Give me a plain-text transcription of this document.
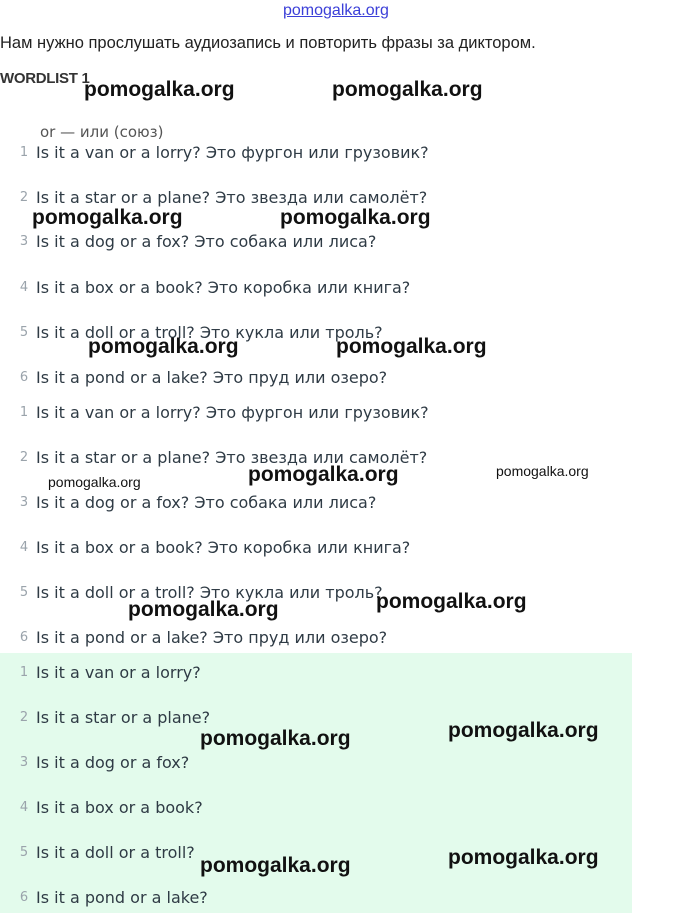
pomogalka.org
Нам нужно прослушать аудиозапись и повторить фразы за диктором.
WORDLIST 1
or — или (союз)
1 Is it a van or a lorry? Это фургон или грузовик?
2 Is it a star or a plane? Это звезда или самолёт?
3 Is it a dog or a fox? Это собака или лиса?
4 Is it a box or a book? Это коробка или книга?
5 Is it a doll or a troll? Это кукла или троль?
6 Is it a pond or a lake? Это пруд или озеро?
1 Is it a van or a lorry? Это фургон или грузовик?
2 Is it a star or a plane? Это звезда или самолёт?
3 Is it a dog or a fox? Это собака или лиса?
4 Is it a box or a book? Это коробка или книга?
5 Is it a doll or a troll? Это кукла или троль?
6 Is it a pond or a lake? Это пруд или озеро?
1 Is it a van or a lorry?
2 Is it a star or a plane?
3 Is it a dog or a fox?
4 Is it a box or a book?
5 Is it a doll or a troll?
6 Is it a pond or a lake?
pomogalka.org	pomogalka.org
pomogalka.org	pomogalka.org
pomogalka.org	pomogalka.org
pomogalka.org	pomogalka.org
pomogalka.org
pomogalka.org	pomogalka.org
pomogalka.org	pomogalka.org
pomogalka.org	pomogalka.org
